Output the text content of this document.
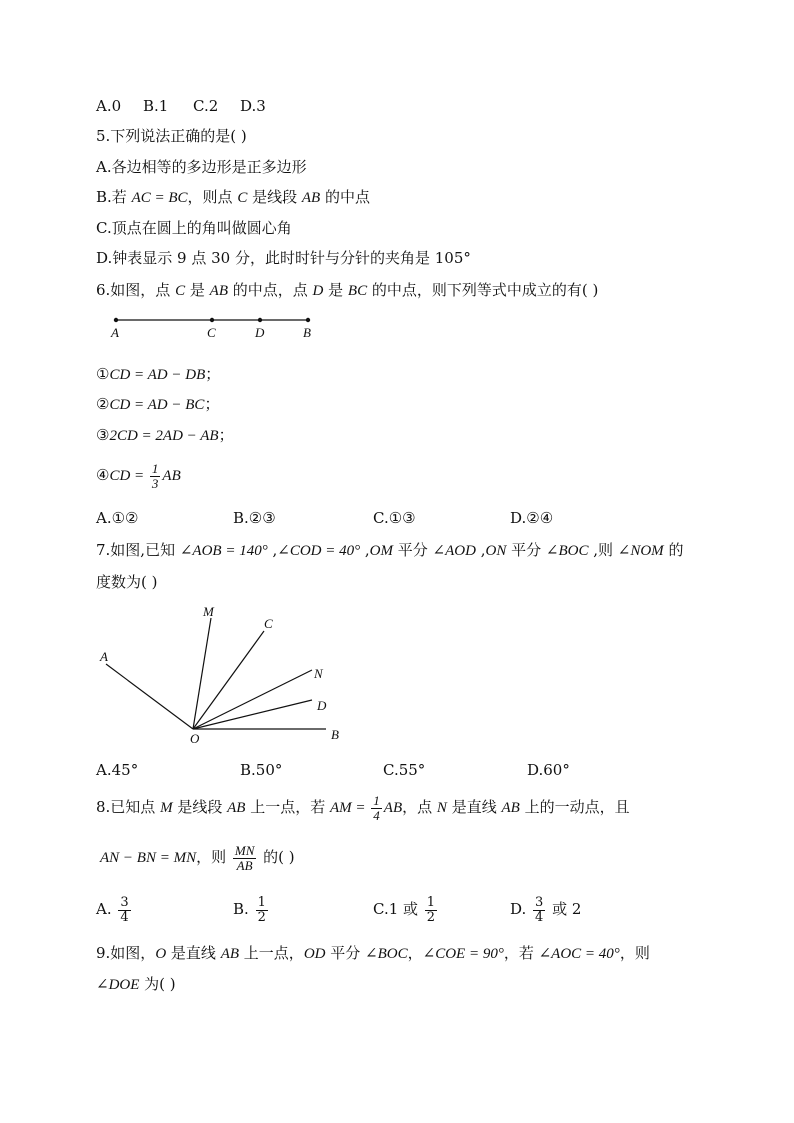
A.0 B.1 C.2 D.3
5.下列说法正确的是( )
A.各边相等的多边形是正多边形
B.若 AC = BC，则点 C 是线段 AB 的中点
C.顶点在圆上的角叫做圆心角
D.钟表显示 9 点 30 分，此时时针与分针的夹角是 105°
6.如图，点 C 是 AB 的中点，点 D 是 BC 的中点，则下列等式中成立的有( )
A	C	D	B
①CD = AD − DB；
②CD = AD − BC；
③2CD = 2AD − AB；
④CD = $\frac{1}{3}$ AB
A.①②	B.②③	C.①③	D.②④
7.如图,已知 ∠AOB = 140° ,∠COD = 40° ,OM 平分 ∠AOD ,ON 平分 ∠BOC ,则 ∠NOM 的
度数为( )
M
C
A
N
D
O	B
A.45°	B.50°	C.55°	D.60°
8.已知点 M 是线段 AB 上一点，若 AM = $\frac{1}{4}$ AB，点 N 是直线 AB 上的一动点，且
AN − BN = MN，则 $\frac{MN}{AB}$ 的( )
A. $\frac{3}{4}$	B. $\frac{1}{2}$	C.1 或 $\frac{1}{2}$	D. $\frac{3}{4}$ 或 2
9.如图，O 是直线 AB 上一点，OD 平分 ∠BOC，∠COE = 90°，若 ∠AOC = 40°，则
∠DOE 为( )
